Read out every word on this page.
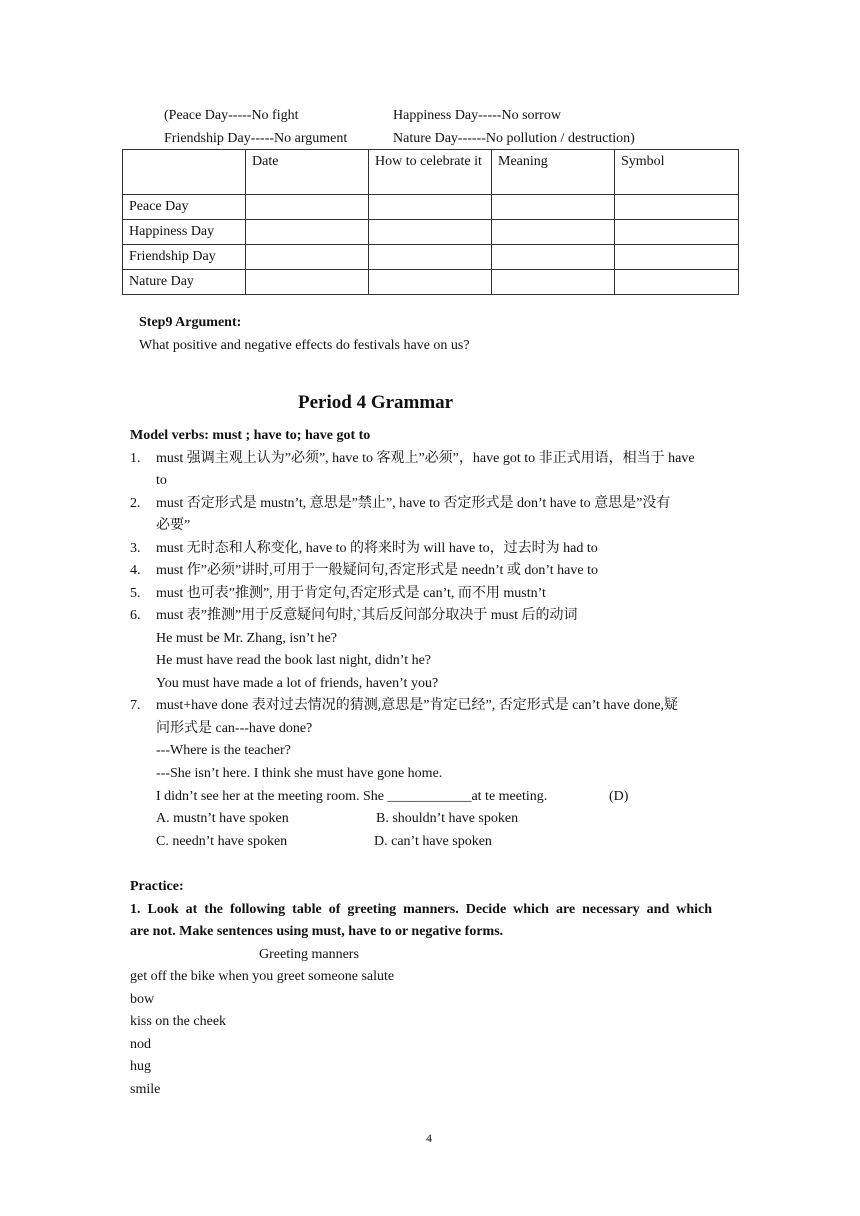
(Peace Day-----No fight	Happiness Day-----No sorrow
Friendship Day-----No argument	Nature Day------No pollution / destruction)
	Date	How to celebrate it	Meaning	Symbol
Peace Day				
Happiness Day				
Friendship Day				
Nature Day				
Step9 Argument:
What positive and negative effects do festivals have on us?
Period 4 Grammar
Model verbs: must ; have to; have got to
1. must 强调主观上认为”必须”, have to 客观上”必须”，have got to 非正式用语，相当于 have
to
2. must 否定形式是 mustn’t, 意思是”禁止”, have to 否定形式是 don’t have to 意思是”没有
必要”
3. must 无时态和人称变化, have to 的将来时为 will have to，过去时为 had to
4. must 作”必须”讲时,可用于一般疑问句,否定形式是 needn’t 或 don’t have to
5. must 也可表”推测”, 用于肯定句,否定形式是 can’t, 而不用 mustn’t
6. must 表”推测”用于反意疑问句时,`其后反问部分取决于 must 后的动词
He must be Mr. Zhang, isn’t he?
He must have read the book last night, didn’t he?
You must have made a lot of friends, haven’t you?
7. must+have done 表对过去情况的猜测,意思是”肯定已经”, 否定形式是 can’t have done,疑
问形式是 can---have done?
---Where is the teacher?
---She isn’t here. I think she must have gone home.
I didn’t see her at the meeting room. She ____________at te meeting.	(D)
A. mustn’t have spoken	B. shouldn’t have spoken
C. needn’t have spoken	D. can’t have spoken
Practice:
1.  Look  at  the  following  table  of  greeting  manners.  Decide  which  are  necessary  and  which
are not. Make sentences using must, have to or negative forms.
Greeting manners
get off the bike when you greet someone salute
bow
kiss on the cheek
nod
hug
smile
4
